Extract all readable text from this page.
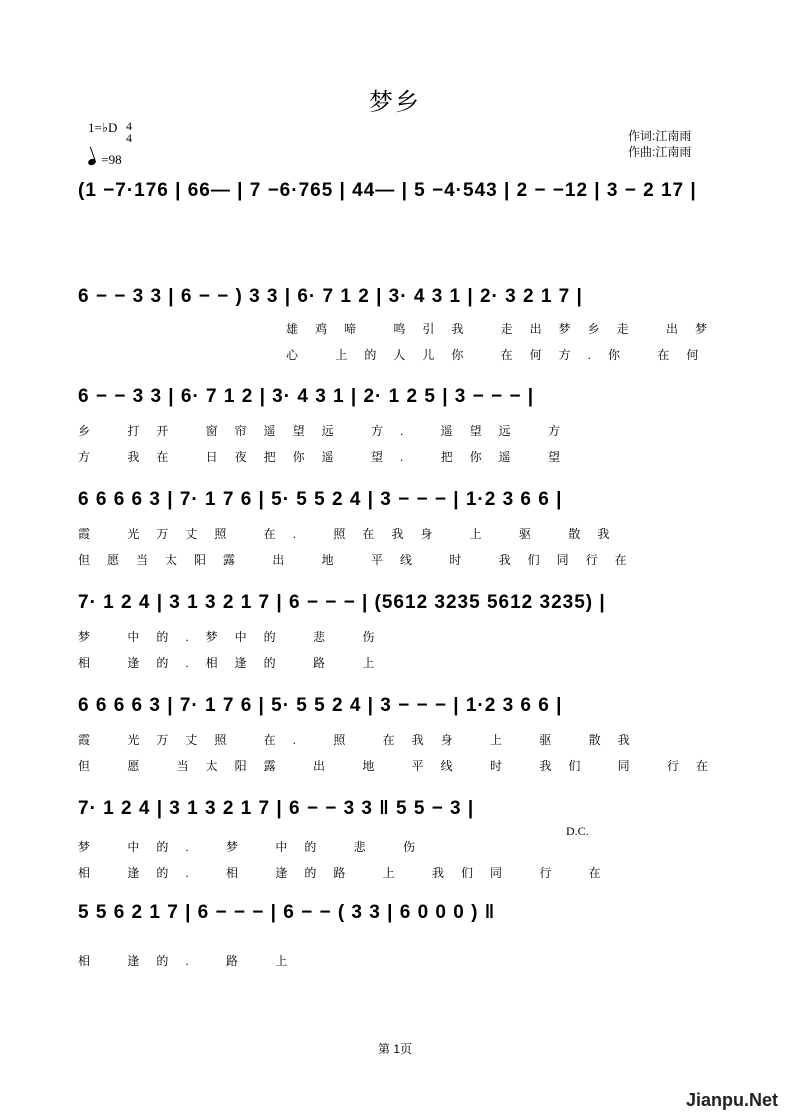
梦乡
1=♭D 4
4
=98
作词:江南雨
作曲:江南雨
(1 −7·176 | 66— | 7 −6·765 | 44— | 5 −4·543 | 2 − −12 | 3 − 2 17 |
6 − − 3 3 | 6 − − ) 3 3 | 6· 7 1 2 | 3· 4 3 1 | 2· 3 2 1 7 |
雄鸡啼 鸣引我 走出梦乡走 出梦
心 上的人儿你 在何方.你 在何
6 − − 3 3 | 6· 7 1 2 | 3· 4 3 1 | 2· 1 2 5 | 3 − − − |
乡 打开 窗帘遥望远 方. 遥望远 方
方 我在 日夜把你遥 望. 把你遥 望
6 6 6 6 3 | 7· 1 7 6 | 5· 5 5 2 4 | 3 − − − | 1·2 3 6 6 |
霞 光万丈照 在. 照在我身 上 驱 散我
但愿当太阳露 出 地 平线 时 我们同行在
7· 1 2 4 | 3 1 3 2 1 7 | 6 − − − | (5612 3235 5612 3235) |
梦 中的.梦中的 悲 伤
相 逢的.相逢的 路 上
6 6 6 6 3 | 7· 1 7 6 | 5· 5 5 2 4 | 3 − − − | 1·2 3 6 6 |
霞 光万丈照 在. 照 在我身 上 驱 散我
但 愿 当太阳露 出 地 平线 时 我们 同 行在
7· 1 2 4 | 3 1 3 2 1 7 | 6 − − 3 3 ‖ 5 5 − 3 |
D.C.
梦 中的. 梦 中的 悲 伤
相 逢的. 相 逢的路 上 我们同 行 在
5 5 6 2 1 7 | 6 − − − | 6 − − ( 3 3 | 6 0 0 0 ) ‖
相 逢的. 路 上
第 1页
Jianpu.Net
